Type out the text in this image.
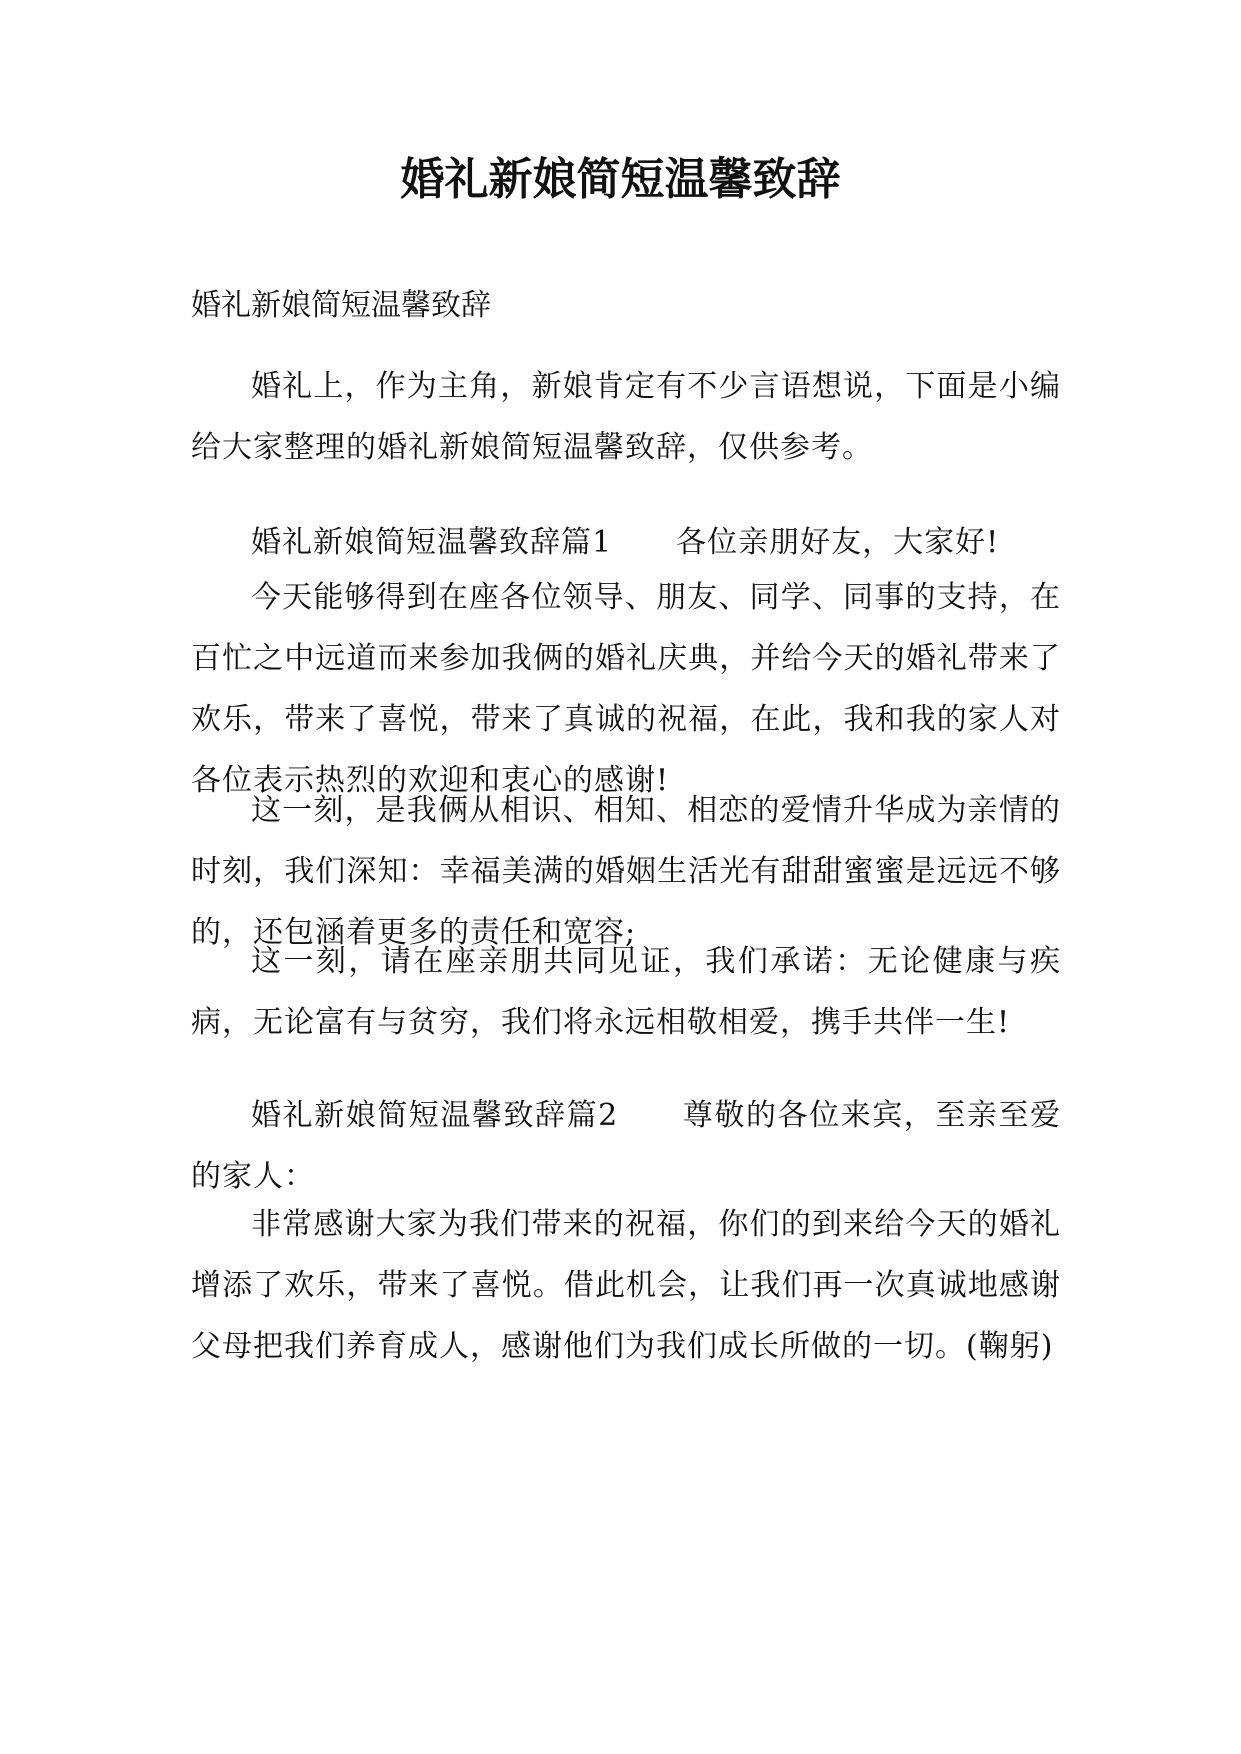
婚礼新娘简短温馨致辞

婚礼新娘简短温馨致辞

婚礼上，作为主角，新娘肯定有不少言语想说，下面是小编给大家整理的婚礼新娘简短温馨致辞，仅供参考。

婚礼新娘简短温馨致辞篇1 各位亲朋好友，大家好!

今天能够得到在座各位领导、朋友、同学、同事的支持，在百忙之中远道而来参加我俩的婚礼庆典，并给今天的婚礼带来了欢乐，带来了喜悦，带来了真诚的祝福，在此，我和我的家人对各位表示热烈的欢迎和衷心的感谢!

这一刻，是我俩从相识、相知、相恋的爱情升华成为亲情的时刻，我们深知：幸福美满的婚姻生活光有甜甜蜜蜜是远远不够的，还包涵着更多的责任和宽容;

这一刻，请在座亲朋共同见证，我们承诺：无论健康与疾病，无论富有与贫穷，我们将永远相敬相爱，携手共伴一生!

婚礼新娘简短温馨致辞篇2 尊敬的各位来宾，至亲至爱的家人：

非常感谢大家为我们带来的祝福，你们的到来给今天的婚礼增添了欢乐，带来了喜悦。借此机会，让我们再一次真诚地感谢父母把我们养育成人，感谢他们为我们成长所做的一切。(鞠躬)
